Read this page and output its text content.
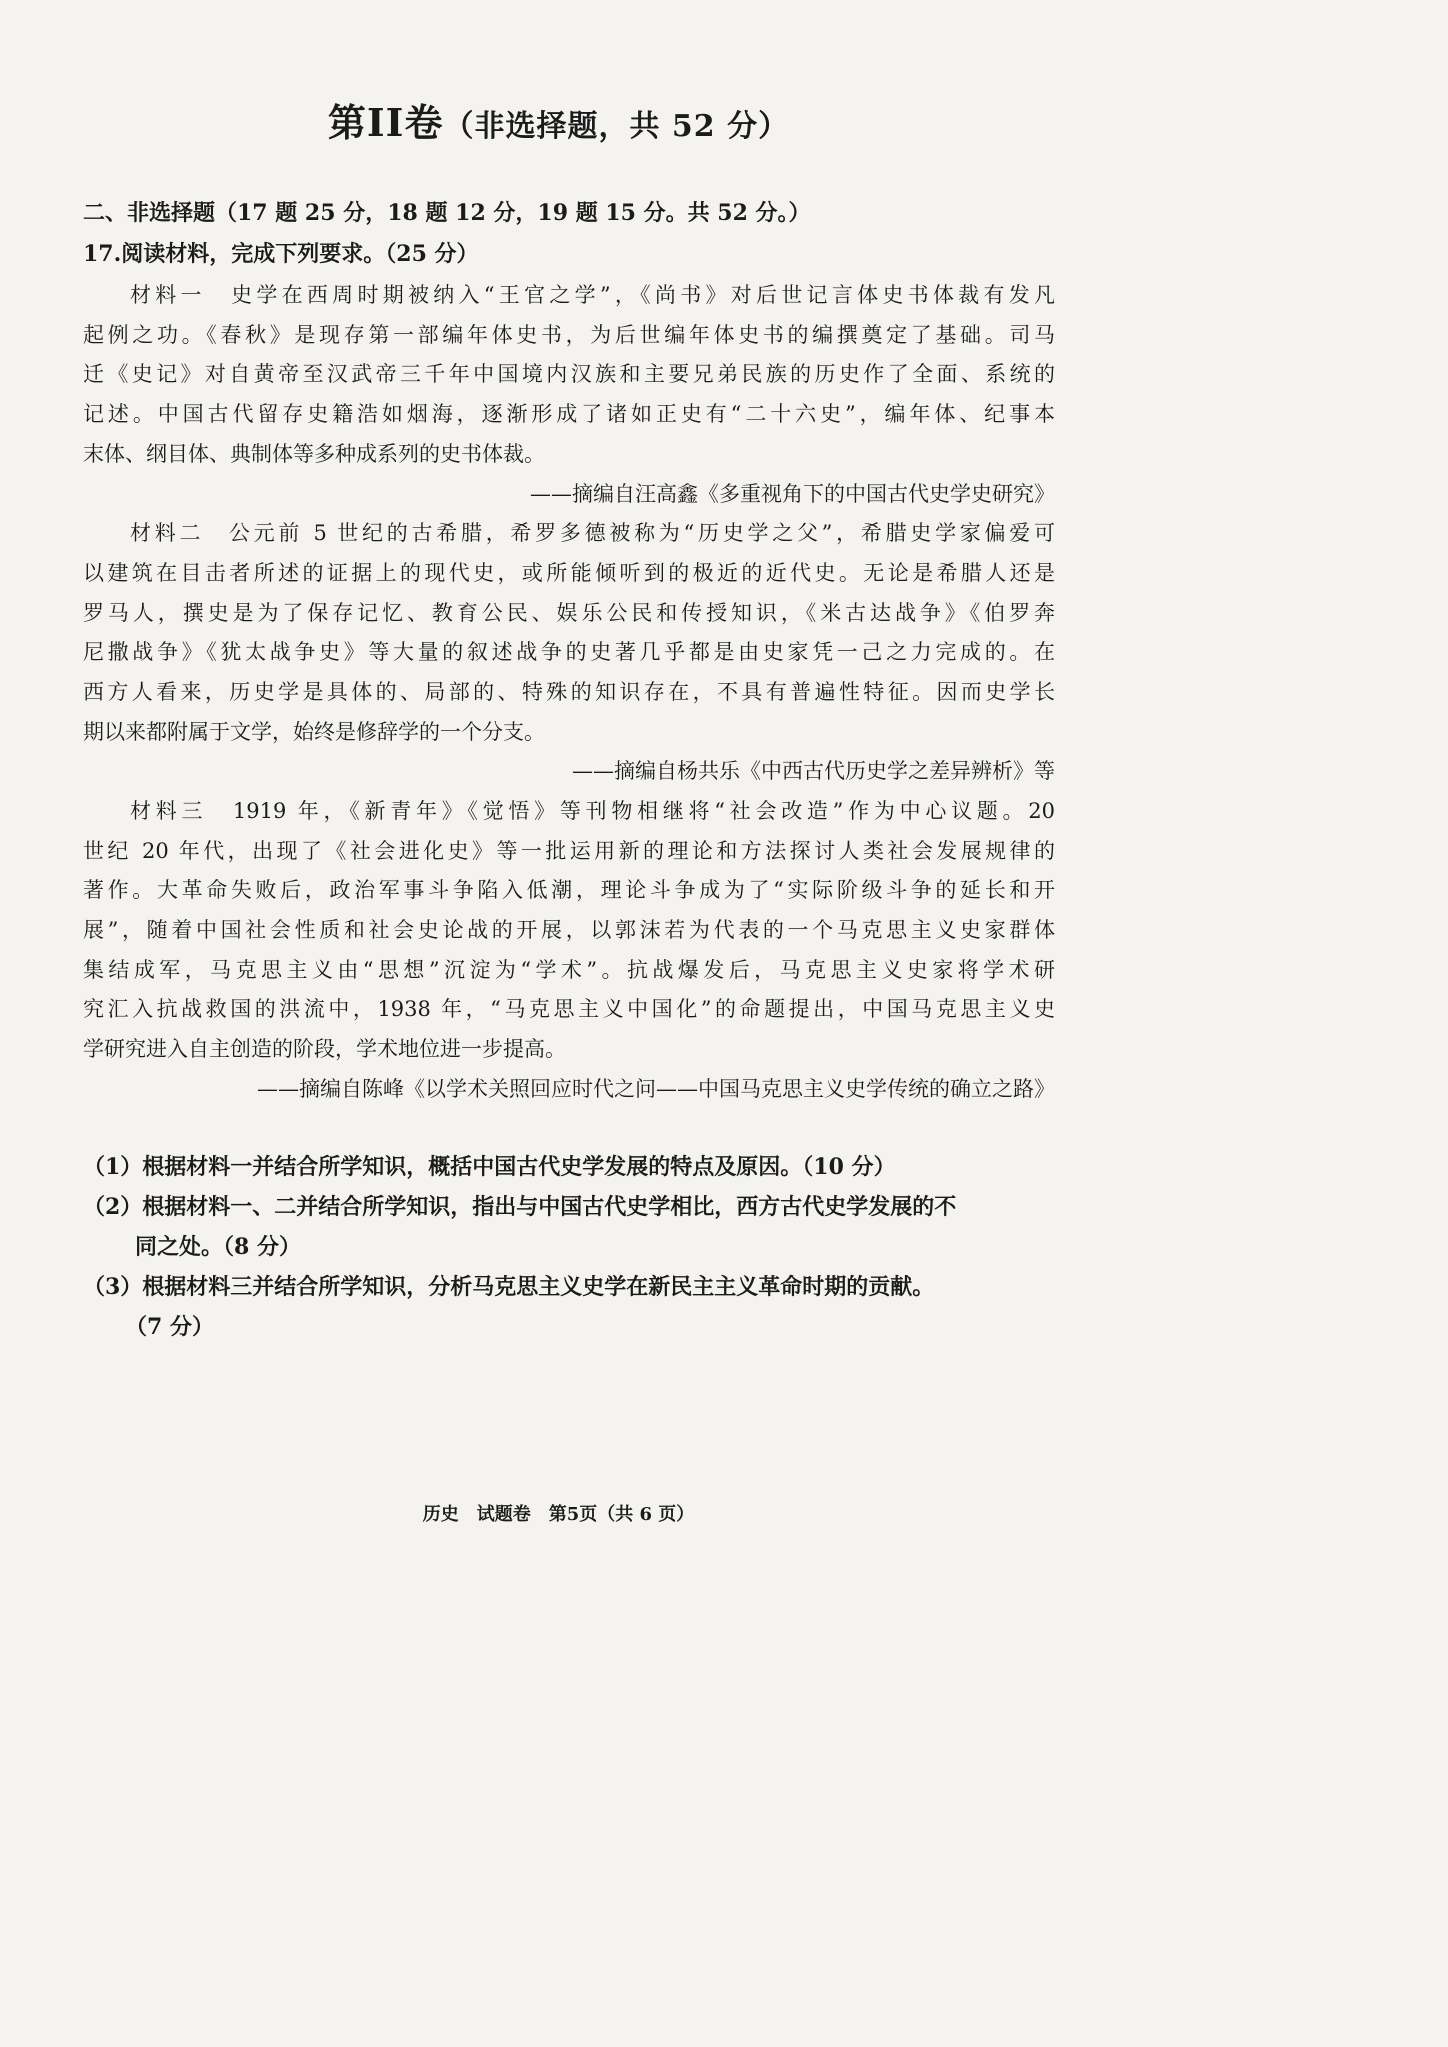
第II卷（非选择题，共 52 分）
二、非选择题（17 题 25 分，18 题 12 分，19 题 15 分。共 52 分。）
17.阅读材料，完成下列要求。（25 分）
材料一　史学在西周时期被纳入“王官之学”，《尚书》对后世记言体史书体裁有发凡
起例之功。《春秋》是现存第一部编年体史书，为后世编年体史书的编撰奠定了基础。司马
迁《史记》对自黄帝至汉武帝三千年中国境内汉族和主要兄弟民族的历史作了全面、系统的
记述。中国古代留存史籍浩如烟海，逐渐形成了诸如正史有“二十六史”，编年体、纪事本
末体、纲目体、典制体等多种成系列的史书体裁。
——摘编自汪高鑫《多重视角下的中国古代史学史研究》
材料二　公元前 5 世纪的古希腊，希罗多德被称为“历史学之父”，希腊史学家偏爱可
以建筑在目击者所述的证据上的现代史，或所能倾听到的极近的近代史。无论是希腊人还是
罗马人，撰史是为了保存记忆、教育公民、娱乐公民和传授知识，《米古达战争》《伯罗奔
尼撒战争》《犹太战争史》等大量的叙述战争的史著几乎都是由史家凭一己之力完成的。在
西方人看来，历史学是具体的、局部的、特殊的知识存在，不具有普遍性特征。因而史学长
期以来都附属于文学，始终是修辞学的一个分支。
——摘编自杨共乐《中西古代历史学之差异辨析》等
材料三　1919 年，《新青年》《觉悟》等刊物相继将“社会改造”作为中心议题。20
世纪 20 年代，出现了《社会进化史》等一批运用新的理论和方法探讨人类社会发展规律的
著作。大革命失败后，政治军事斗争陷入低潮，理论斗争成为了“实际阶级斗争的延长和开
展”，随着中国社会性质和社会史论战的开展，以郭沫若为代表的一个马克思主义史家群体
集结成军，马克思主义由“思想”沉淀为“学术”。抗战爆发后，马克思主义史家将学术研
究汇入抗战救国的洪流中，1938 年，“马克思主义中国化”的命题提出，中国马克思主义史
学研究进入自主创造的阶段，学术地位进一步提高。
——摘编自陈峰《以学术关照回应时代之问——中国马克思主义史学传统的确立之路》
（1）根据材料一并结合所学知识，概括中国古代史学发展的特点及原因。（10 分）
（2）根据材料一、二并结合所学知识，指出与中国古代史学相比，西方古代史学发展的不
同之处。（8 分）
（3）根据材料三并结合所学知识，分析马克思主义史学在新民主主义革命时期的贡献。
（7 分）
历史　试题卷　第5页（共 6 页）
